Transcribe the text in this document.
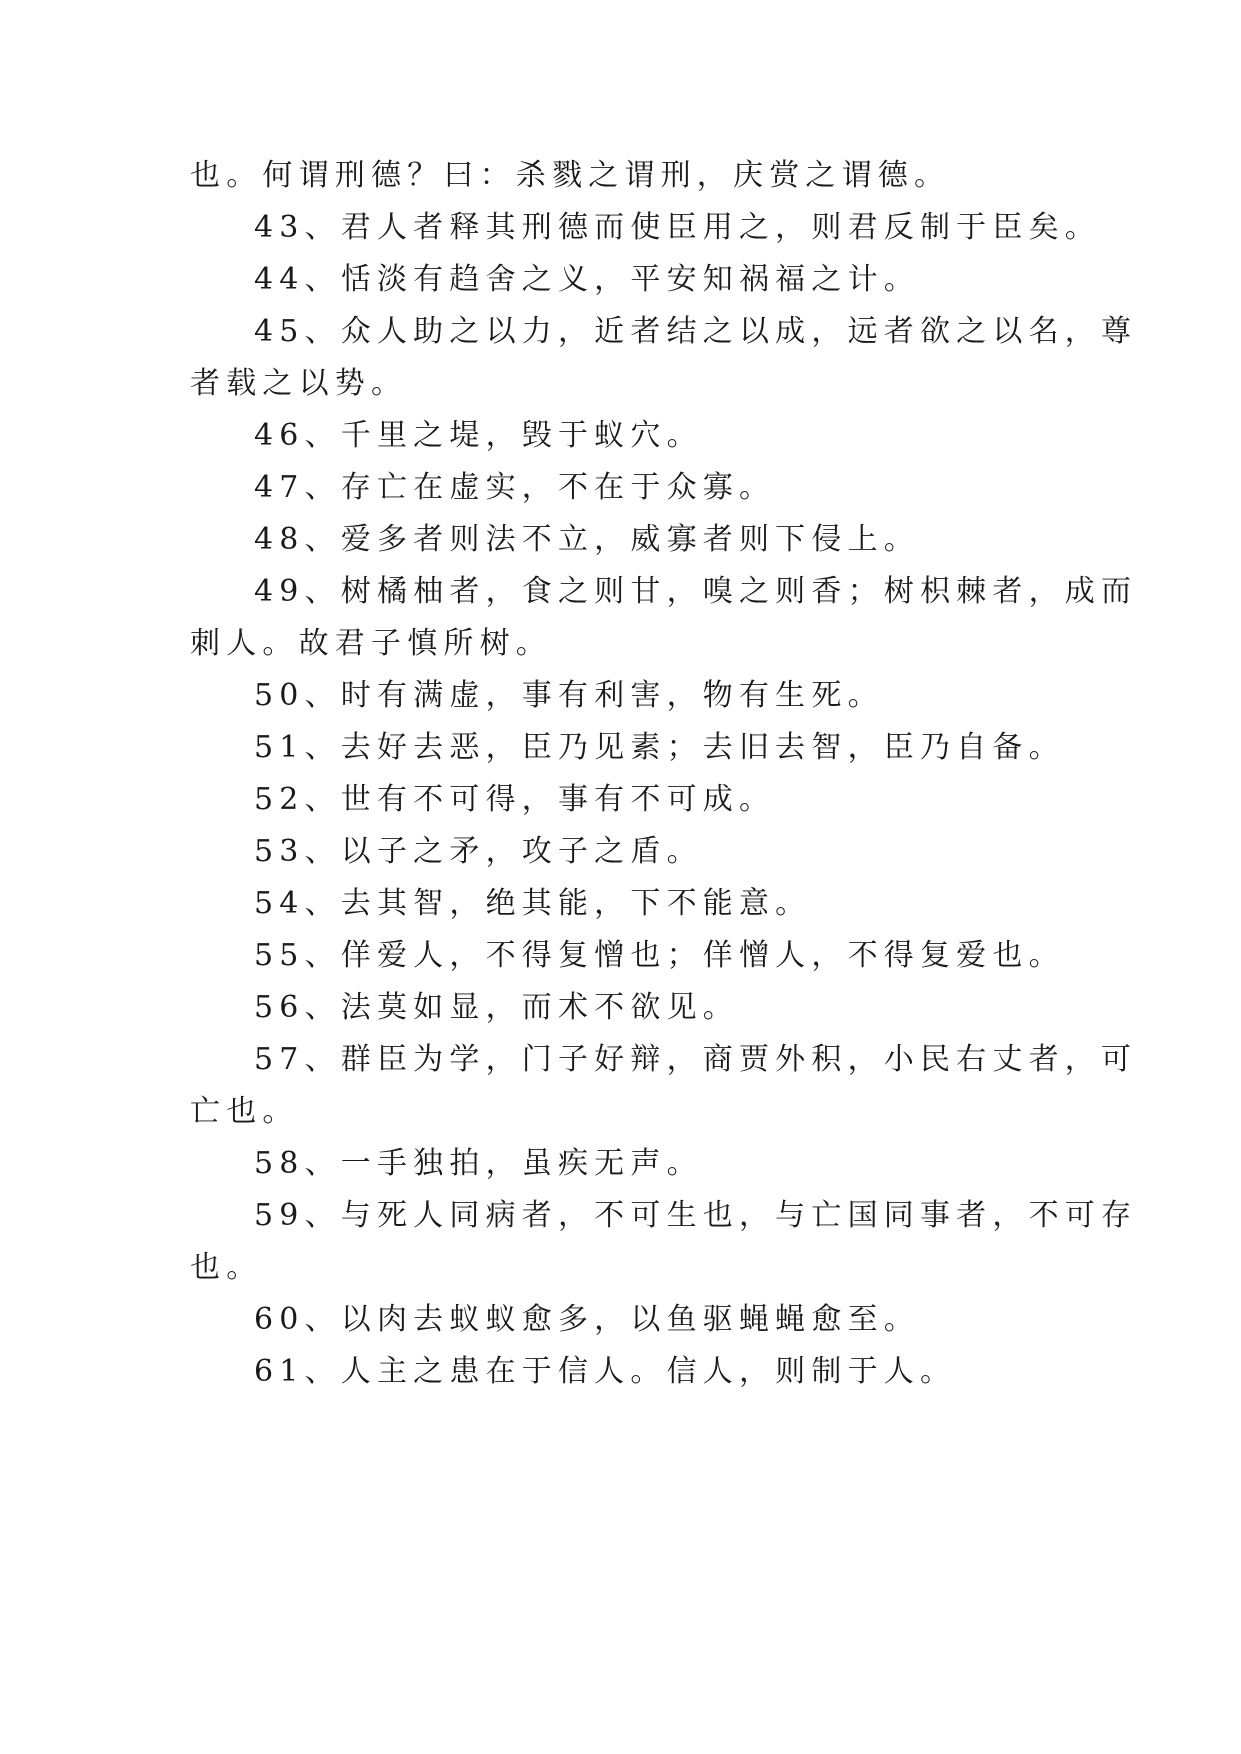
也。何谓刑德？曰：杀戮之谓刑，庆赏之谓德。
43、君人者释其刑德而使臣用之，则君反制于臣矣。
44、恬淡有趋舍之义，平安知祸福之计。
45、众人助之以力，近者结之以成，远者欲之以名，尊
者载之以势。
46、千里之堤，毁于蚁穴。
47、存亡在虚实，不在于众寡。
48、爱多者则法不立，威寡者则下侵上。
49、树橘柚者，食之则甘，嗅之则香；树枳棘者，成而
刺人。故君子慎所树。
50、时有满虚，事有利害，物有生死。
51、去好去恶，臣乃见素；去旧去智，臣乃自备。
52、世有不可得，事有不可成。
53、以子之矛，攻子之盾。
54、去其智，绝其能，下不能意。
55、佯爱人，不得复憎也；佯憎人，不得复爱也。
56、法莫如显，而术不欲见。
57、群臣为学，门子好辩，商贾外积，小民右丈者，可
亡也。
58、一手独拍，虽疾无声。
59、与死人同病者，不可生也，与亡国同事者，不可存
也。
60、以肉去蚁蚁愈多，以鱼驱蝇蝇愈至。
61、人主之患在于信人。信人，则制于人。
